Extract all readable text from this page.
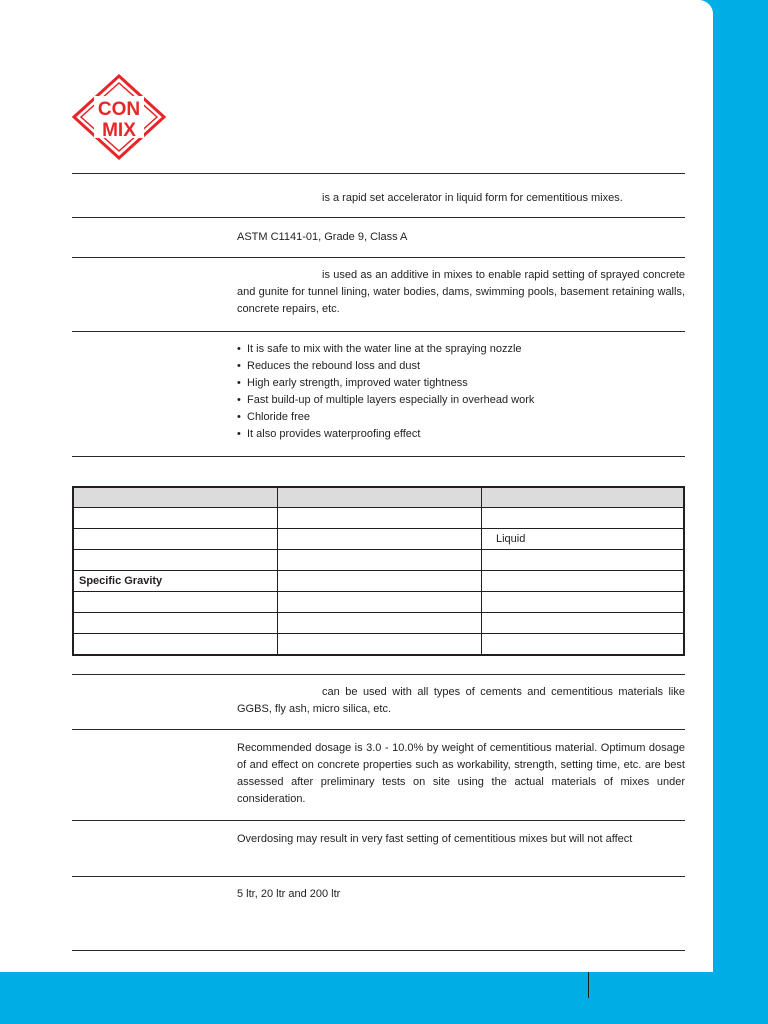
CON
MIX

is a rapid set accelerator in liquid form for cementitious mixes.

ASTM C1141-01, Grade 9, Class A

is used as an additive in mixes to enable rapid setting of sprayed concrete and gunite for tunnel lining, water bodies, dams, swimming pools, basement retaining walls, concrete repairs, etc.

• It is safe to mix with the water line at the spraying nozzle
• Reduces the rebound loss and dust
• High early strength, improved water tightness
• Fast build-up of multiple layers especially in overhead work
• Chloride free
• It also provides waterproofing effect

		Liquid

Specific Gravity		

can be used with all types of cements and cementitious materials like GGBS, fly ash, micro silica, etc.

Recommended dosage is 3.0 - 10.0% by weight of cementitious material. Optimum dosage of and effect on concrete properties such as workability, strength, setting time, etc. are best assessed after preliminary tests on site using the actual materials of mixes under consideration.
Overdosing may result in very fast setting of cementitious mixes but will not affect
5 ltr, 20 ltr and 200 ltr
